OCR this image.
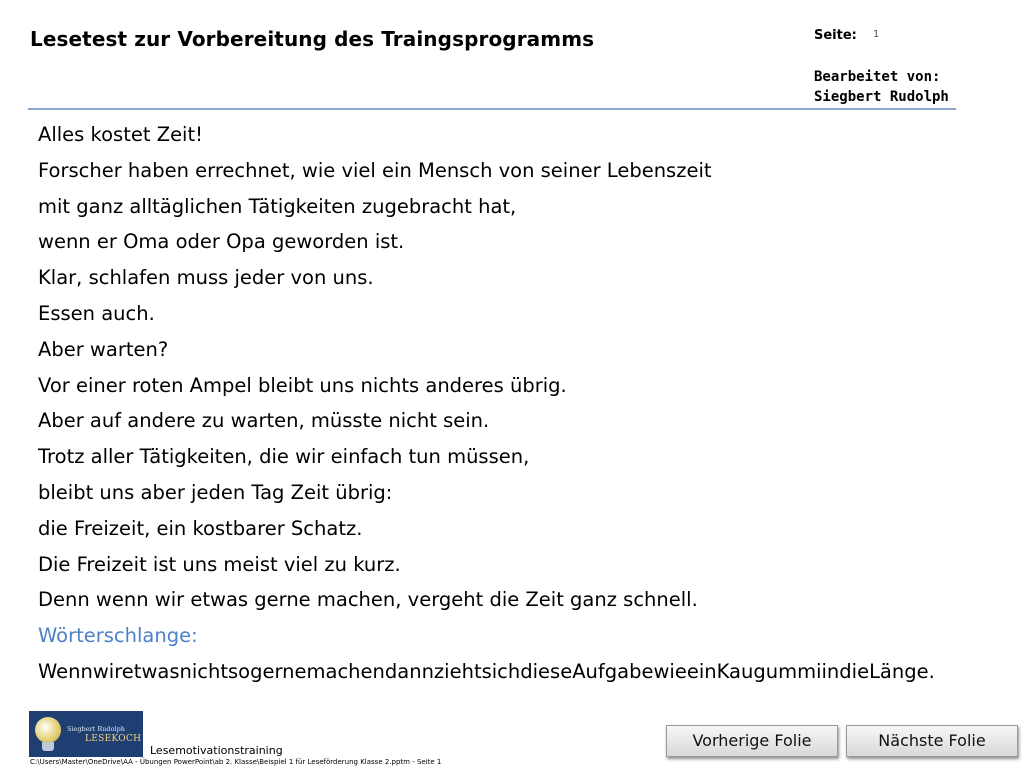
Lesetest zur Vorbereitung des Traingsprogramms	Seite: 1
Bearbeitet von:
Siegbert Rudolph
Alles kostet Zeit!
Forscher haben errechnet, wie viel ein Mensch von seiner Lebenszeit
mit ganz alltäglichen Tätigkeiten zugebracht hat,
wenn er Oma oder Opa geworden ist.
Klar, schlafen muss jeder von uns.
Essen auch.
Aber warten?
Vor einer roten Ampel bleibt uns nichts anderes übrig.
Aber auf andere zu warten, müsste nicht sein.
Trotz aller Tätigkeiten, die wir einfach tun müssen,
bleibt uns aber jeden Tag Zeit übrig:
die Freizeit, ein kostbarer Schatz.
Die Freizeit ist uns meist viel zu kurz.
Denn wenn wir etwas gerne machen, vergeht die Zeit ganz schnell.
Wörterschlange:
WennwiretwasnichtsogernemachendannziehtsichdieseAufgabewieeinKaugummiindieLänge.
Siegbert Rudolph
LESEKOCH
Lesemotivationstraining
C:\Users\Master\OneDrive\AA - Übungen PowerPoint\ab 2. Klasse\Beispiel 1 für Leseförderung Klasse 2.pptm - Seite 1
Vorherige Folie	Nächste Folie
